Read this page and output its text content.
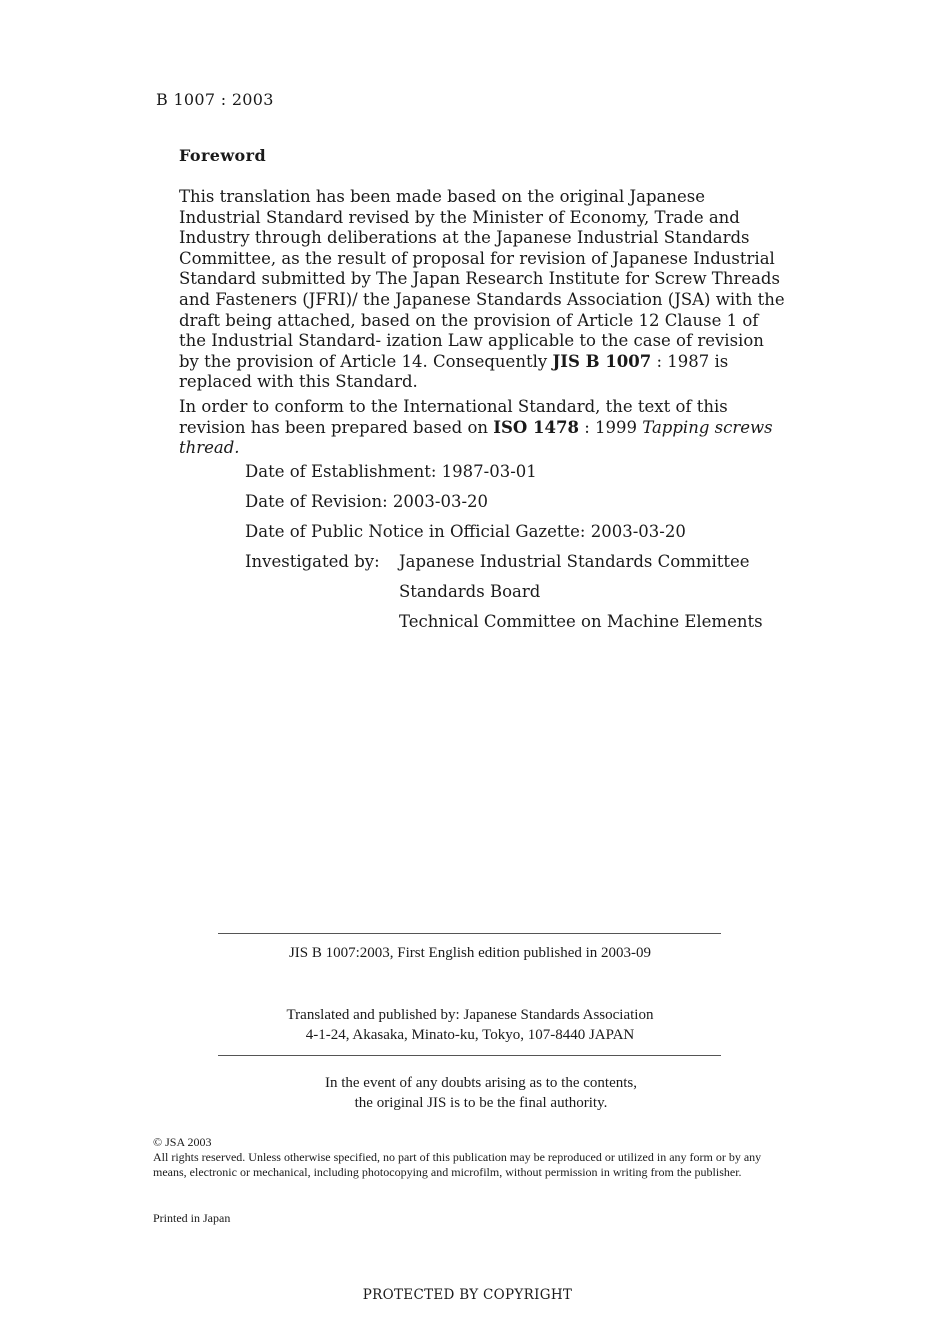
B 1007 : 2003
Foreword

This translation has been made based on the original Japanese Industrial Standard revised by the Minister of Economy, Trade and Industry through deliberations at the Japanese Industrial Standards Committee, as the result of proposal for revision of Japanese Industrial Standard submitted by The Japan Research Institute for Screw Threads and Fasteners (JFRI)/ the Japanese Standards Association (JSA) with the draft being attached, based on the provision of Article 12 Clause 1 of the Industrial Standard- ization Law applicable to the case of revision by the provision of Article 14. Consequently JIS B 1007 : 1987 is replaced with this Standard.

In order to conform to the International Standard, the text of this revision has been prepared based on ISO 1478 : 1999 Tapping screws thread.

Date of Establishment: 1987-03-01
Date of Revision: 2003-03-20
Date of Public Notice in Official Gazette: 2003-03-20
Investigated by: Japanese Industrial Standards Committee
Standards Board
Technical Committee on Machine Elements
JIS B 1007:2003, First English edition published in 2003-09
Translated and published by: Japanese Standards Association
4-1-24, Akasaka, Minato-ku, Tokyo, 107-8440 JAPAN
In the event of any doubts arising as to the contents,
the original JIS is to be the final authority.

© JSA 2003

All rights reserved. Unless otherwise specified, no part of this publication may be reproduced or utilized in any form or by any means, electronic or mechanical, including photocopying and microfilm, without permission in writing from the publisher.

Printed in Japan
PROTECTED BY COPYRIGHT
